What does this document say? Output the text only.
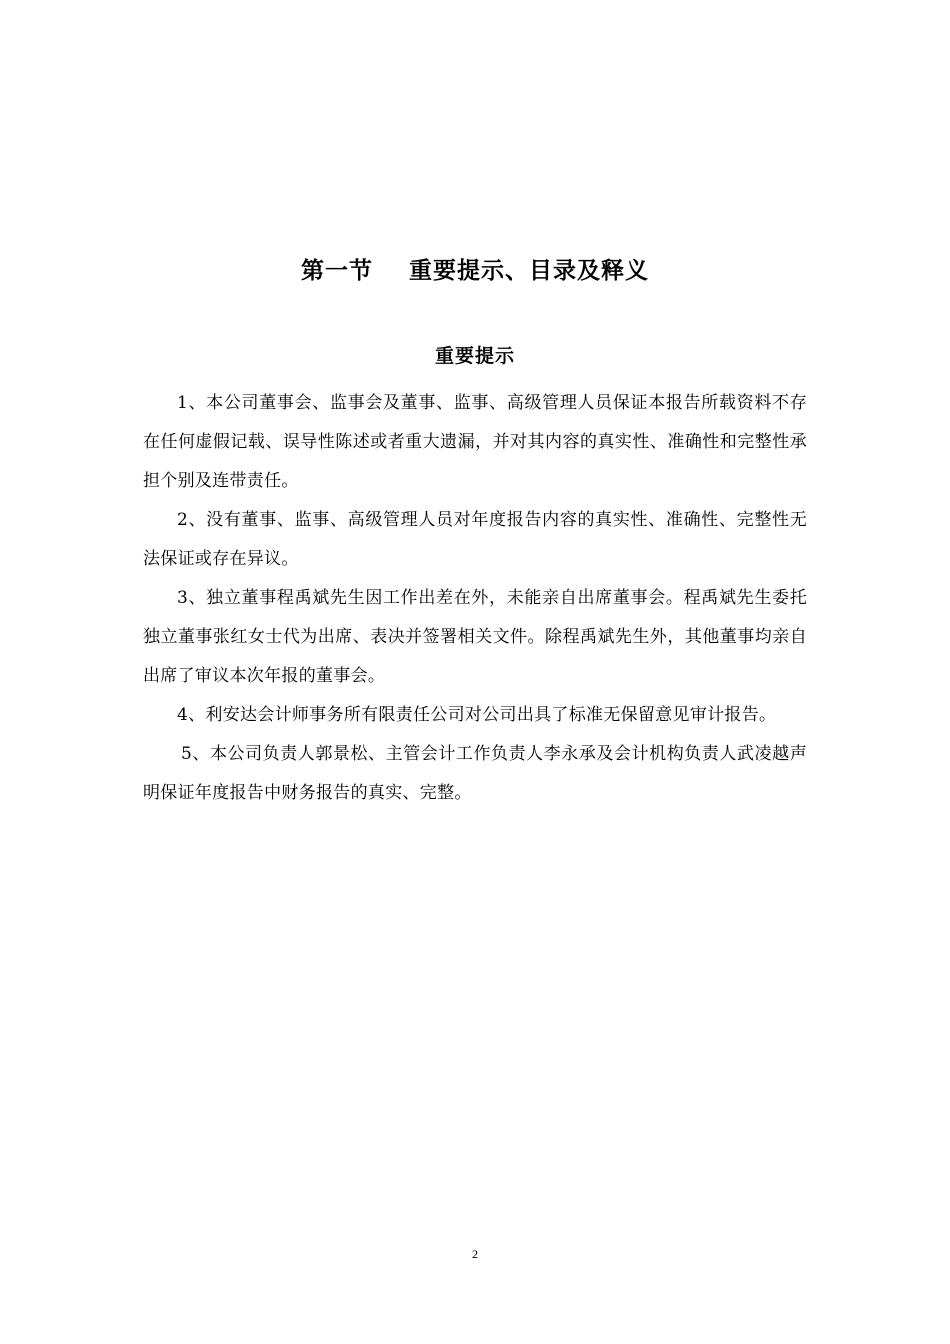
第一节    重要提示、目录及释义
重要提示

1、本公司董事会、监事会及董事、监事、高级管理人员保证本报告所载资料不存在任何虚假记载、误导性陈述或者重大遗漏，并对其内容的真实性、准确性和完整性承担个别及连带责任。

2、没有董事、监事、高级管理人员对年度报告内容的真实性、准确性、完整性无法保证或存在异议。

3、独立董事程禹斌先生因工作出差在外，未能亲自出席董事会。程禹斌先生委托独立董事张红女士代为出席、表决并签署相关文件。除程禹斌先生外，其他董事均亲自出席了审议本次年报的董事会。

4、利安达会计师事务所有限责任公司对公司出具了标准无保留意见审计报告。

5、本公司负责人郭景松、主管会计工作负责人李永承及会计机构负责人武凌越声明保证年度报告中财务报告的真实、完整。

2
